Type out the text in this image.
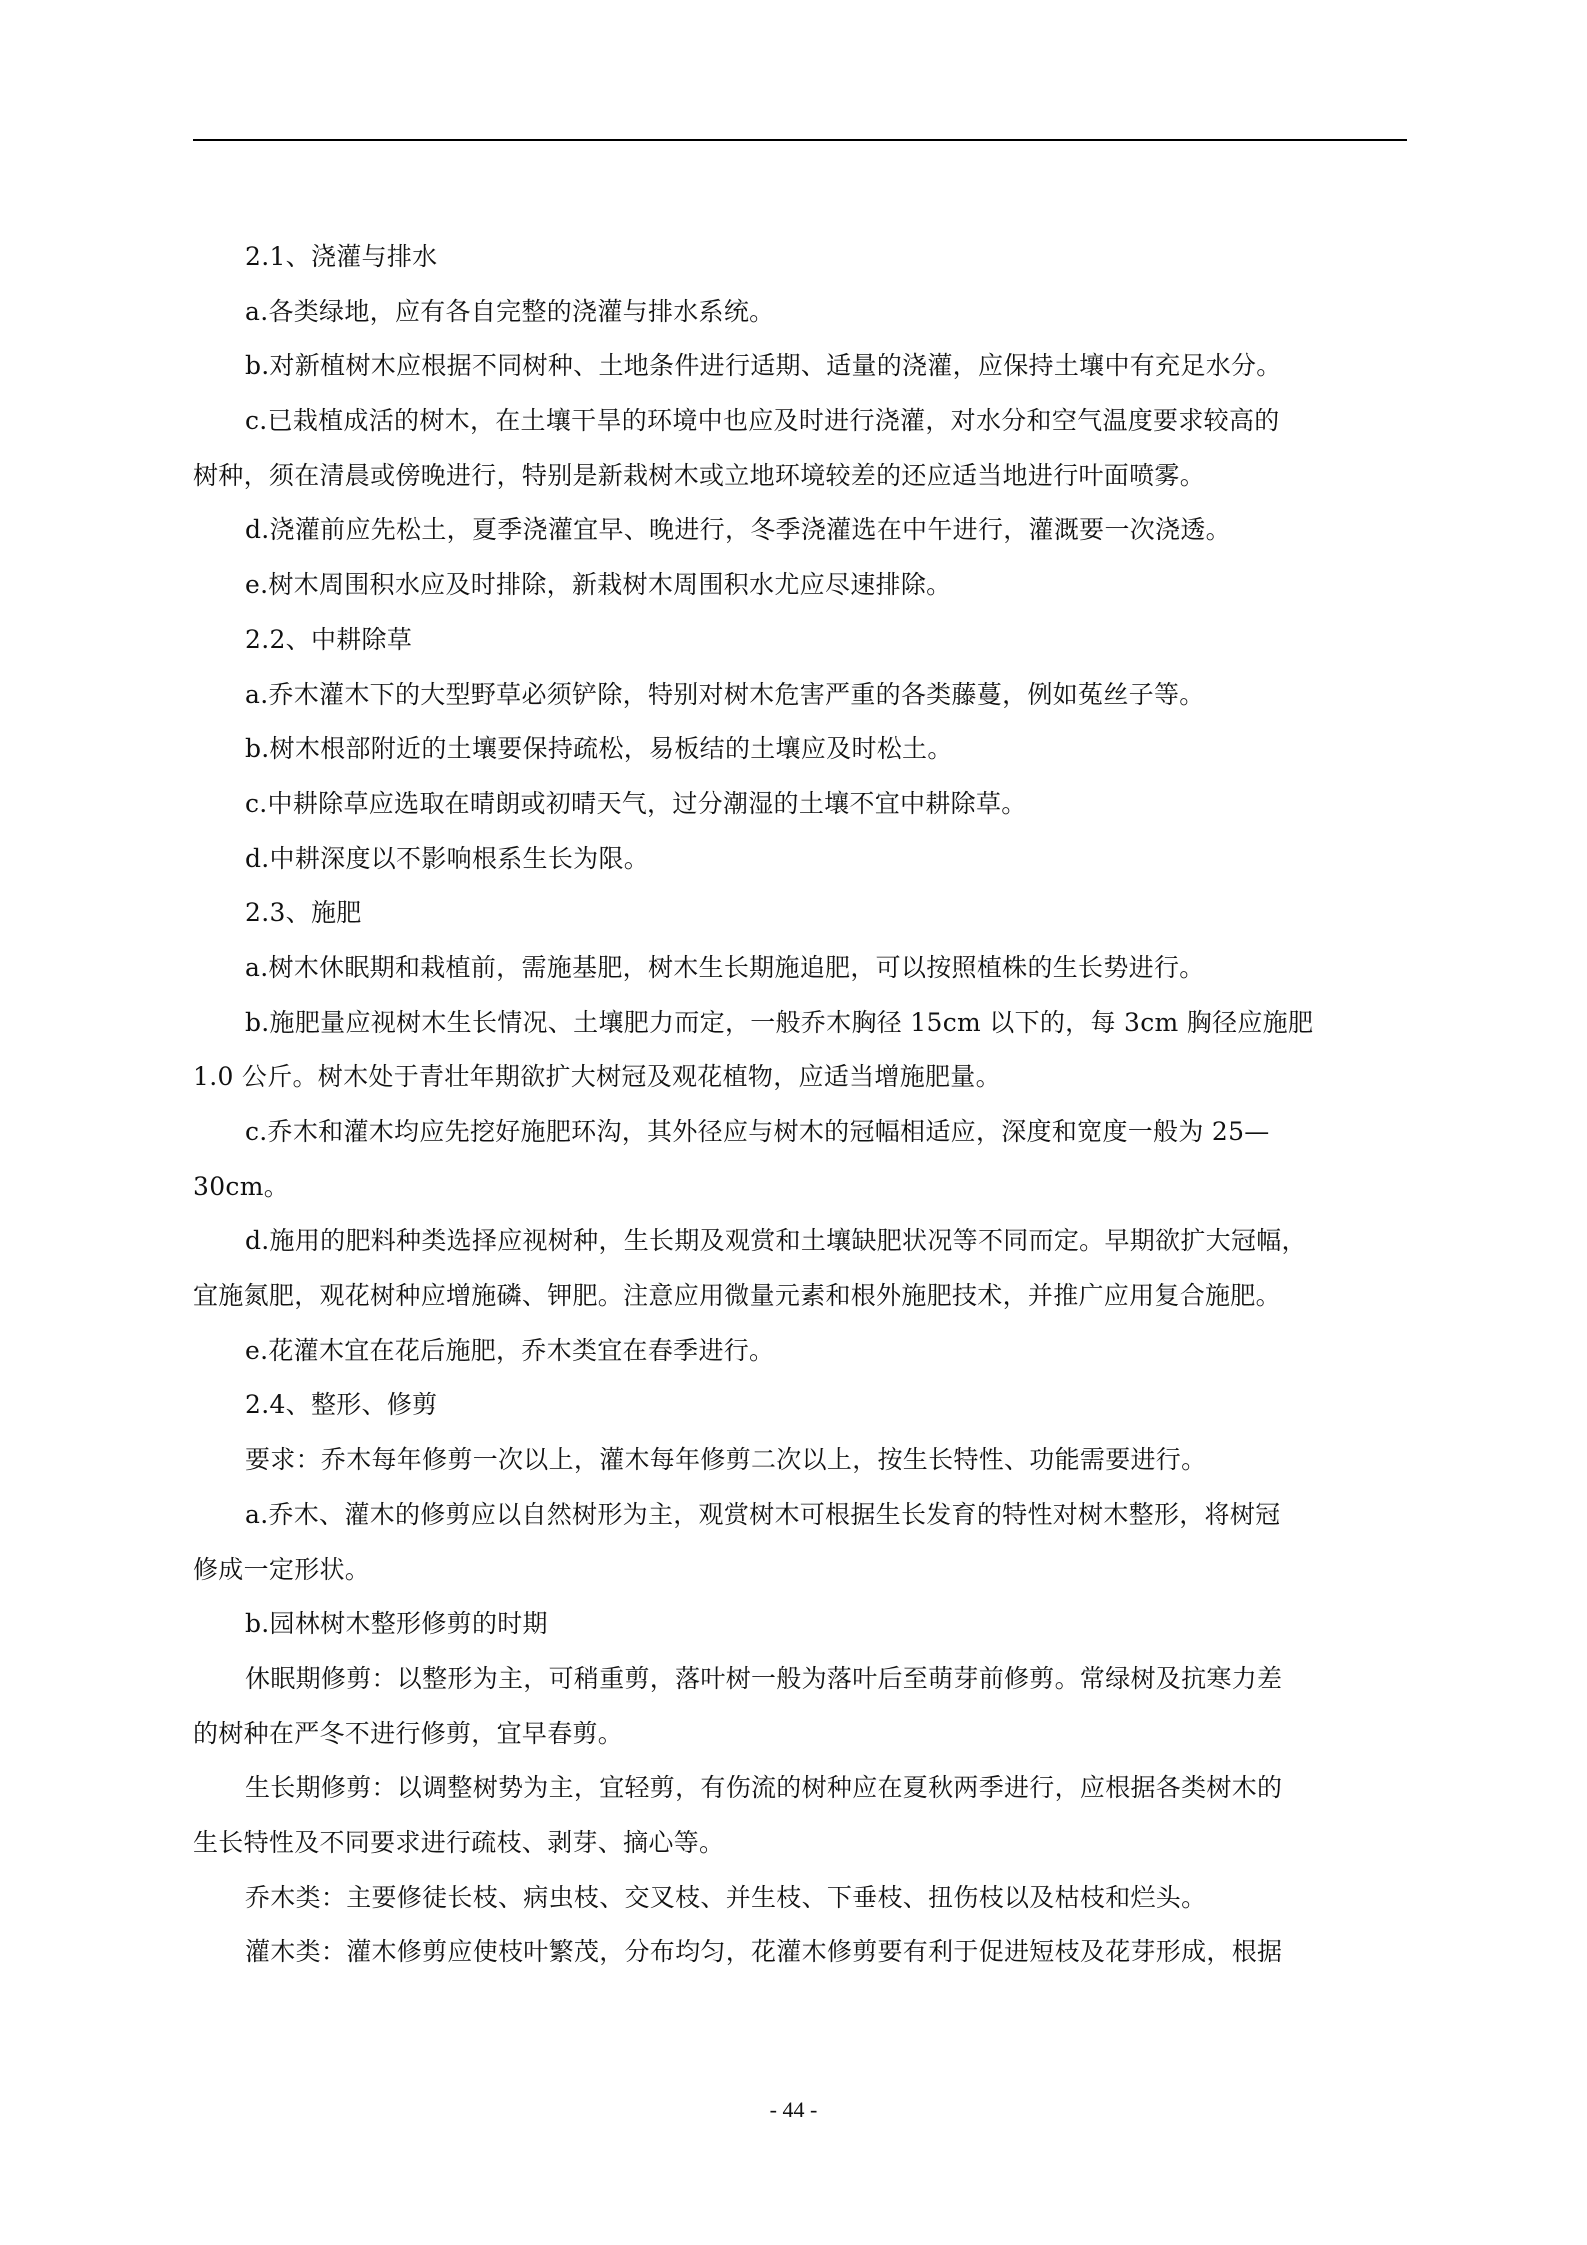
2.1、浇灌与排水
a.各类绿地，应有各自完整的浇灌与排水系统。
b.对新植树木应根据不同树种、土地条件进行适期、适量的浇灌，应保持土壤中有充足水分。
c.已栽植成活的树木，在土壤干旱的环境中也应及时进行浇灌，对水分和空气温度要求较高的
树种，须在清晨或傍晚进行，特别是新栽树木或立地环境较差的还应适当地进行叶面喷雾。
d.浇灌前应先松土，夏季浇灌宜早、晚进行，冬季浇灌选在中午进行，灌溉要一次浇透。
e.树木周围积水应及时排除，新栽树木周围积水尤应尽速排除。
2.2、中耕除草
a.乔木灌木下的大型野草必须铲除，特别对树木危害严重的各类藤蔓，例如菟丝子等。
b.树木根部附近的土壤要保持疏松，易板结的土壤应及时松土。
c.中耕除草应选取在晴朗或初晴天气，过分潮湿的土壤不宜中耕除草。
d.中耕深度以不影响根系生长为限。
2.3、施肥
a.树木休眠期和栽植前，需施基肥，树木生长期施追肥，可以按照植株的生长势进行。
b.施肥量应视树木生长情况、土壤肥力而定，一般乔木胸径 15cm 以下的，每 3cm 胸径应施肥
1.0 公斤。树木处于青壮年期欲扩大树冠及观花植物，应适当增施肥量。
c.乔木和灌木均应先挖好施肥环沟，其外径应与树木的冠幅相适应，深度和宽度一般为 25—
30cm。
d.施用的肥料种类选择应视树种，生长期及观赏和土壤缺肥状况等不同而定。早期欲扩大冠幅，
宜施氮肥，观花树种应增施磷、钾肥。注意应用微量元素和根外施肥技术，并推广应用复合施肥。
e.花灌木宜在花后施肥，乔木类宜在春季进行。
2.4、整形、修剪
要求：乔木每年修剪一次以上，灌木每年修剪二次以上，按生长特性、功能需要进行。
a.乔木、灌木的修剪应以自然树形为主，观赏树木可根据生长发育的特性对树木整形，将树冠
修成一定形状。
b.园林树木整形修剪的时期
休眠期修剪：以整形为主，可稍重剪，落叶树一般为落叶后至萌芽前修剪。常绿树及抗寒力差
的树种在严冬不进行修剪，宜早春剪。
生长期修剪：以调整树势为主，宜轻剪，有伤流的树种应在夏秋两季进行，应根据各类树木的
生长特性及不同要求进行疏枝、剥芽、摘心等。
乔木类：主要修徒长枝、病虫枝、交叉枝、并生枝、下垂枝、扭伤枝以及枯枝和烂头。
灌木类：灌木修剪应使枝叶繁茂，分布均匀，花灌木修剪要有利于促进短枝及花芽形成，根据
- 44 -
